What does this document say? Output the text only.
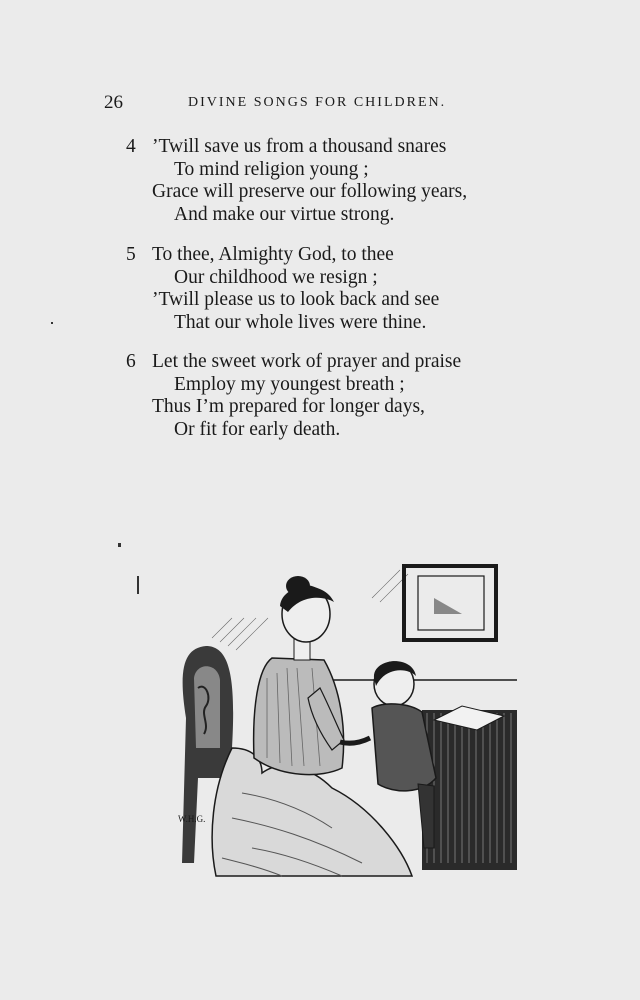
26	DIVINE SONGS FOR CHILDREN.
4 ’Twill save us from a thousand snares
To mind religion young ;
Grace will preserve our following years,
And make our virtue strong.
5 To thee, Almighty God, to thee
Our childhood we resign ;
’Twill please us to look back and see
That our whole lives were thine.
6 Let the sweet work of prayer and praise
Employ my youngest breath ;
Thus I’m prepared for longer days,
Or fit for early death.
W.H.G.
